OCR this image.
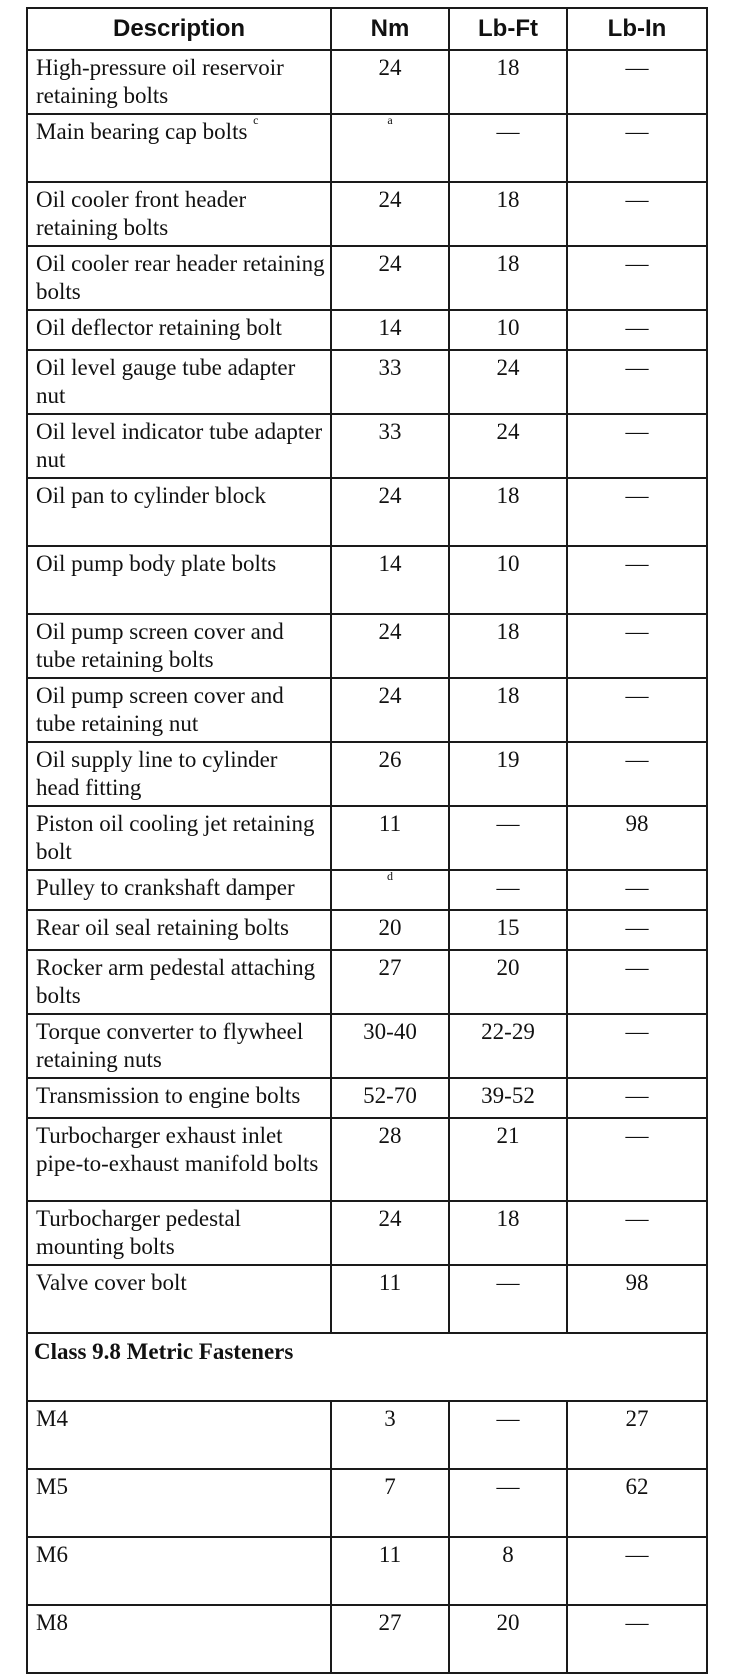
Description	Nm	Lb-Ft	Lb-In
High-pressure oil reservoir retaining bolts	24	18	—
Main bearing cap bolts $^c$	$^a$	—	—
Oil cooler front header retaining bolts	24	18	—
Oil cooler rear header retaining bolts	24	18	—
Oil deflector retaining bolt	14	10	—
Oil level gauge tube adapter nut	33	24	—
Oil level indicator tube adapter nut	33	24	—
Oil pan to cylinder block	24	18	—
Oil pump body plate bolts	14	10	—
Oil pump screen cover and tube retaining bolts	24	18	—
Oil pump screen cover and tube retaining nut	24	18	—
Oil supply line to cylinder head fitting	26	19	—
Piston oil cooling jet retaining bolt	11	—	98
Pulley to crankshaft damper	$^d$	—	—
Rear oil seal retaining bolts	20	15	—
Rocker arm pedestal attaching bolts	27	20	—
Torque converter to flywheel retaining nuts	30-40	22-29	—
Transmission to engine bolts	52-70	39-52	—
Turbocharger exhaust inlet pipe-to-exhaust manifold bolts	28	21	—
Turbocharger pedestal mounting bolts	24	18	—
Valve cover bolt	11	—	98
Class 9.8 Metric Fasteners			
M4	3	—	27
M5	7	—	62
M6	11	8	—
M8	27	20	—
